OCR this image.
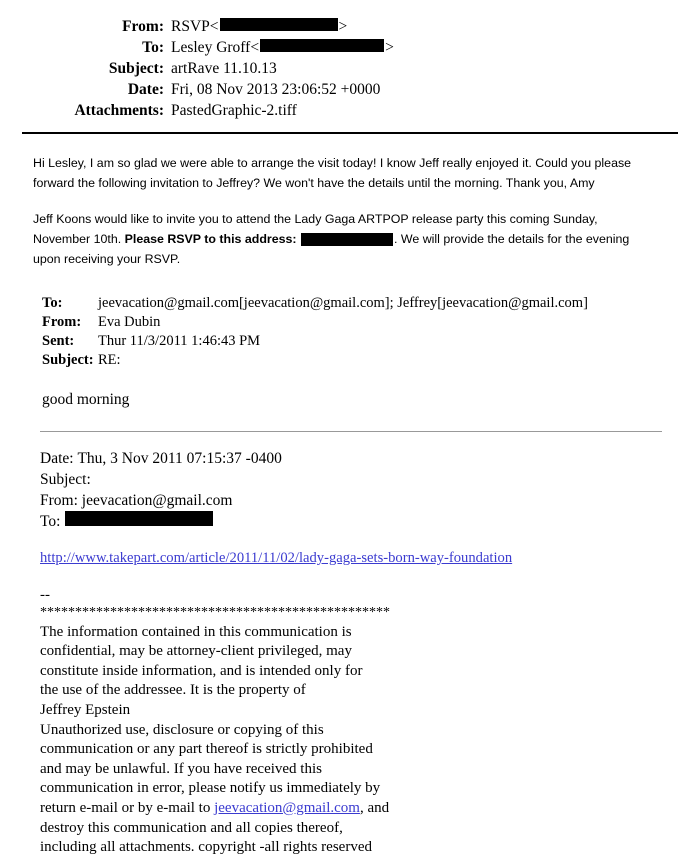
From: RSVP <	>
To: Lesley Groff <	>
Subject: artRave 11.10.13
Date: Fri, 08 Nov 2013 23:06:52 +0000
Attachments: PastedGraphic-2.tiff

Hi Lesley, I am so glad we were able to arrange the visit today! I know Jeff really enjoyed it. Could you please forward the following invitation to Jeffrey? We won't have the details until the morning. Thank you, Amy

Jeff Koons would like to invite you to attend the Lady Gaga ARTPOP release party this coming Sunday, November 10th. Please RSVP to this address:	. We will provide the details for the evening upon receiving your RSVP.

To:	jeevacation@gmail.com[jeevacation@gmail.com]; Jeffrey[jeevacation@gmail.com]
From:	Eva Dubin
Sent:	Thur 11/3/2011 1:46:43 PM
Subject: RE:
good morning
Date:
Thu, 3 Nov 2011 07:15:37 -0400
Subject:

From:
jeevacation@gmail.com
To:

http://www.takepart.com/article/2011/11/02/lady-gaga-sets-born-way-foundation
--
**************************************************
The information contained in this communication is
confidential, may be attorney-client privileged, may
constitute inside information, and is intended only for
the use of the addressee. It is the property of
Jeffrey Epstein
Unauthorized use, disclosure or copying of this
communication or any part thereof is strictly prohibited
and may be unlawful. If you have received this
communication in error, please notify us immediately by
return e-mail or by e-mail to jeevacation@gmail.com, and
destroy this communication and all copies thereof,
including all attachments. copyright -all rights reserved
